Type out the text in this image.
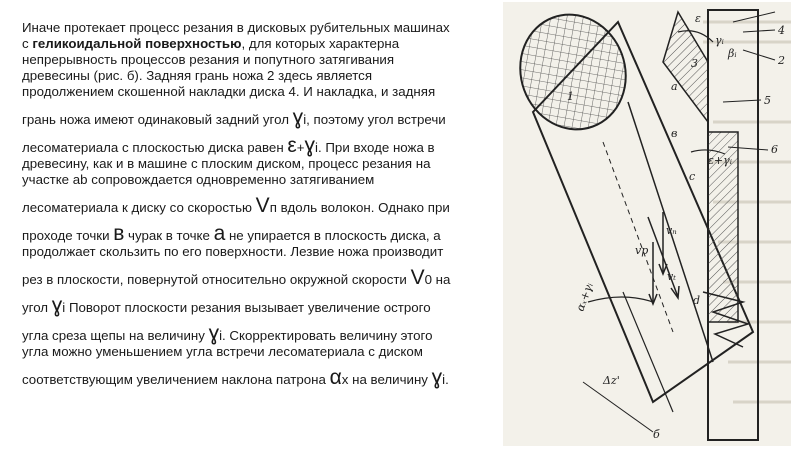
Иначе протекает процесс резания в дисковых рубительных машинах
с геликоидальной поверхностью, для которых характерна
непрерывность процессов резания и попутного затягивания
древесины (рис. б). Задняя грань ножа 2 здесь является
продолжением скошенной накладки диска 4. И накладка, и задняя
грань ножа имеют одинаковый задний угол ɣi, поэтому угол встречи
лесоматериала с плоскостью диска равен ε+ɣi. При входе ножа в
древесину, как и в машине с плоским диском, процесс резания на
участке ab сопровождается одновременно затягиванием
лесоматериала к диску со скоростью Vп вдоль волокон. Однако при
проходе точки в чурак в точке а не упирается в плоскость диска, а
продолжает скользить по его поверхности. Лезвие ножа производит
рез в плоскости, повернутой относительно окружной скорости V0 на
угол ɣi Поворот плоскости резания вызывает увеличение острого
угла среза щепы на величину ɣi. Скорректировать величину этого
угла можно уменьшением угла встречи лесоматериала с диском
соответствующим увеличением наклона патрона αх на величину ɣi.
4
2
5
6
3
ε
γᵢ
βᵢ
ε+γᵢ
a
в
c
d
1
vₙ
vр
vₜ
αₓ+γᵢ
Δz'
б
